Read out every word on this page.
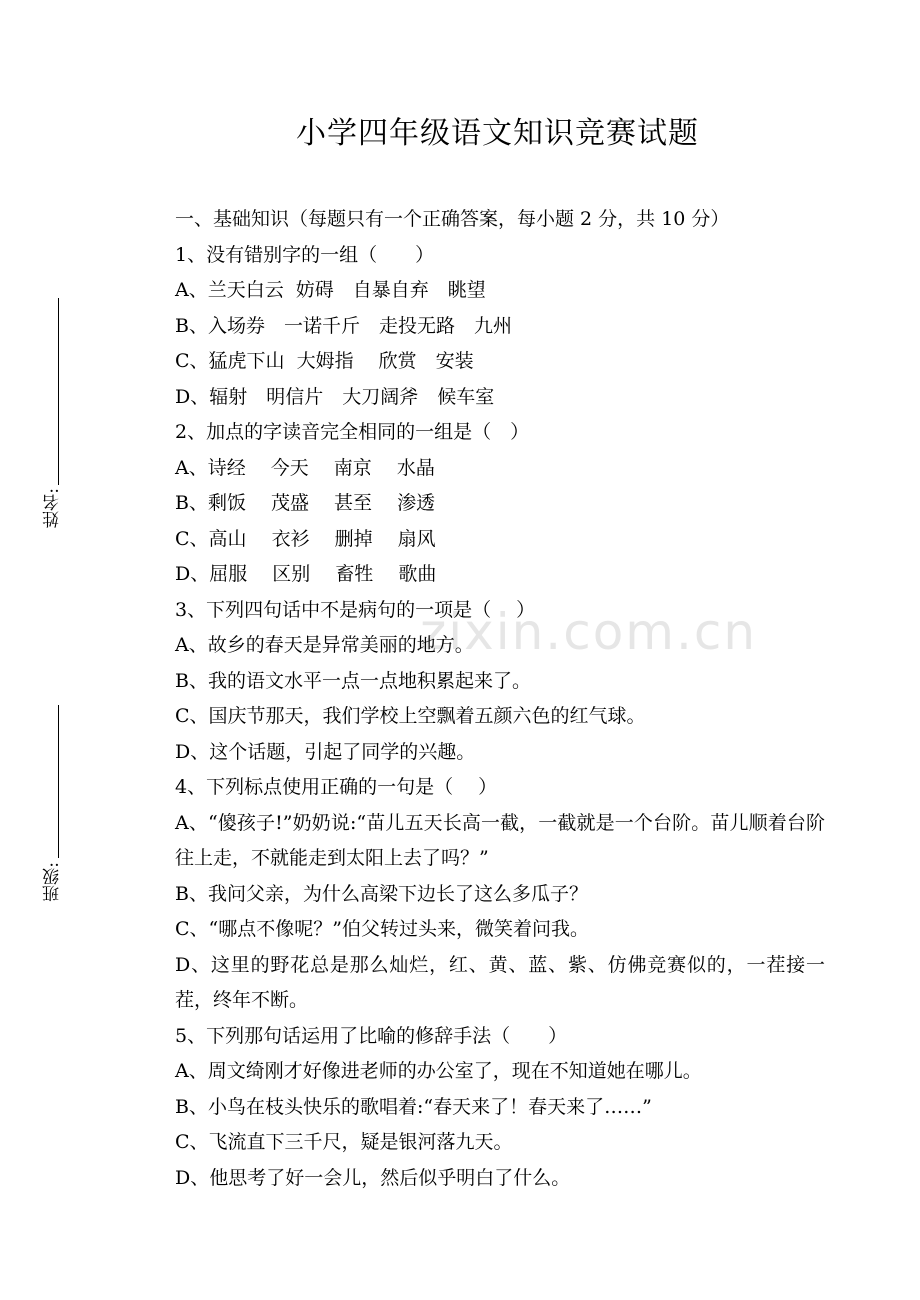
zixin.com.cn
姓名:
班级:
小学四年级语文知识竞赛试题
一、基础知识（每题只有一个正确答案，每小题 2 分，共 10 分）
1、没有错别字的一组（　　）
A、兰天白云  妨碍　自暴自弃　眺望
B、入场券　一诺千斤　走投无路　九州
C、猛虎下山  大姆指　 欣赏　安装
D、辐射　明信片　大刀阔斧　候车室
2、加点的字读音完全相同的一组是（　）
A、诗经　 今天　 南京　 水晶
B、剩饭　 茂盛　 甚至　 渗透
C、高山　 衣衫　 删掉　 扇风
D、屈服　 区别　 畜牲　 歌曲
3、下列四句话中不是病句的一项是（　 ）
A、故乡的春天是异常美丽的地方。
B、我的语文水平一点一点地积累起来了。
C、国庆节那天，我们学校上空飘着五颜六色的红气球。
D、这个话题，引起了同学的兴趣。
4、下列标点使用正确的一句是（　 ）
A、“傻孩子!”奶奶说:“苗儿五天长高一截，一截就是一个台阶。苗儿顺着台阶往上走，不就能走到太阳上去了吗？”
B、我问父亲，为什么高梁下边长了这么多瓜子？
C、“哪点不像呢？”伯父转过头来，微笑着问我。
D、这里的野花总是那么灿烂，红、黄、蓝、紫、仿佛竞赛似的，一茬接一茬，终年不断。
5、下列那句话运用了比喻的修辞手法（　　）
A、周文绮刚才好像进老师的办公室了，现在不知道她在哪儿。
B、小鸟在枝头快乐的歌唱着:“春天来了！春天来了……”
C、飞流直下三千尺，疑是银河落九天。
D、他思考了好一会儿，然后似乎明白了什么。
